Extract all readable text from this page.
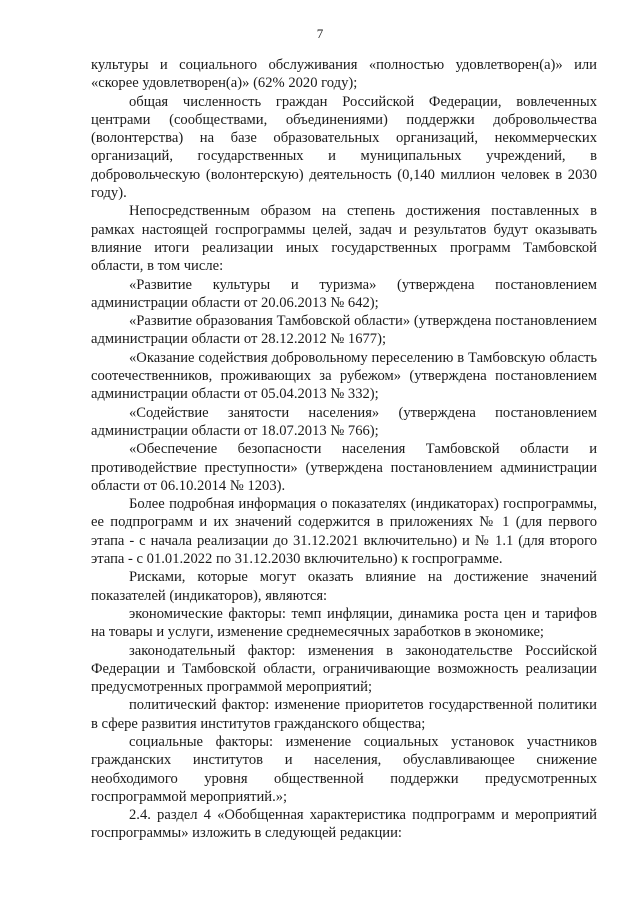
7

культуры и социального обслуживания «полностью удовлетворен(а)» или «скорее удовлетворен(а)» (62% 2020 году);

общая численность граждан Российской Федерации, вовлеченных центрами (сообществами, объединениями) поддержки добровольчества (волонтерства) на базе образовательных организаций, некоммерческих организаций, государственных и муниципальных учреждений, в добровольческую (волонтерскую) деятельность (0,140 миллион человек в 2030 году).

Непосредственным образом на степень достижения поставленных в рамках настоящей госпрограммы целей, задач и результатов будут оказывать влияние итоги реализации иных государственных программ Тамбовской области, в том числе:

«Развитие культуры и туризма» (утверждена постановлением администрации области от 20.06.2013 № 642);

«Развитие образования Тамбовской области» (утверждена постановлением администрации области от 28.12.2012 № 1677);

«Оказание содействия добровольному переселению в Тамбовскую область соотечественников, проживающих за рубежом» (утверждена постановлением администрации области от 05.04.2013 № 332);

«Содействие занятости населения» (утверждена постановлением администрации области от 18.07.2013 № 766);

«Обеспечение безопасности населения Тамбовской области и противодействие преступности» (утверждена постановлением администрации области от 06.10.2014 № 1203).

Более подробная информация о показателях (индикаторах) госпрограммы, ее подпрограмм и их значений содержится в приложениях № 1 (для первого этапа - с начала реализации до 31.12.2021 включительно) и № 1.1 (для второго этапа - с 01.01.2022 по 31.12.2030 включительно) к госпрограмме.

Рисками, которые могут оказать влияние на достижение значений показателей (индикаторов), являются:

экономические факторы: темп инфляции, динамика роста цен и тарифов на товары и услуги, изменение среднемесячных заработков в экономике;

законодательный фактор: изменения в законодательстве Российской Федерации и Тамбовской области, ограничивающие возможность реализации предусмотренных программой мероприятий;

политический фактор: изменение приоритетов государственной политики в сфере развития институтов гражданского общества;

социальные факторы: изменение социальных установок участников гражданских институтов и населения, обуславливающее снижение необходимого уровня общественной поддержки предусмотренных госпрограммой мероприятий.»;

2.4. раздел 4 «Обобщенная характеристика подпрограмм и мероприятий госпрограммы» изложить в следующей редакции:
